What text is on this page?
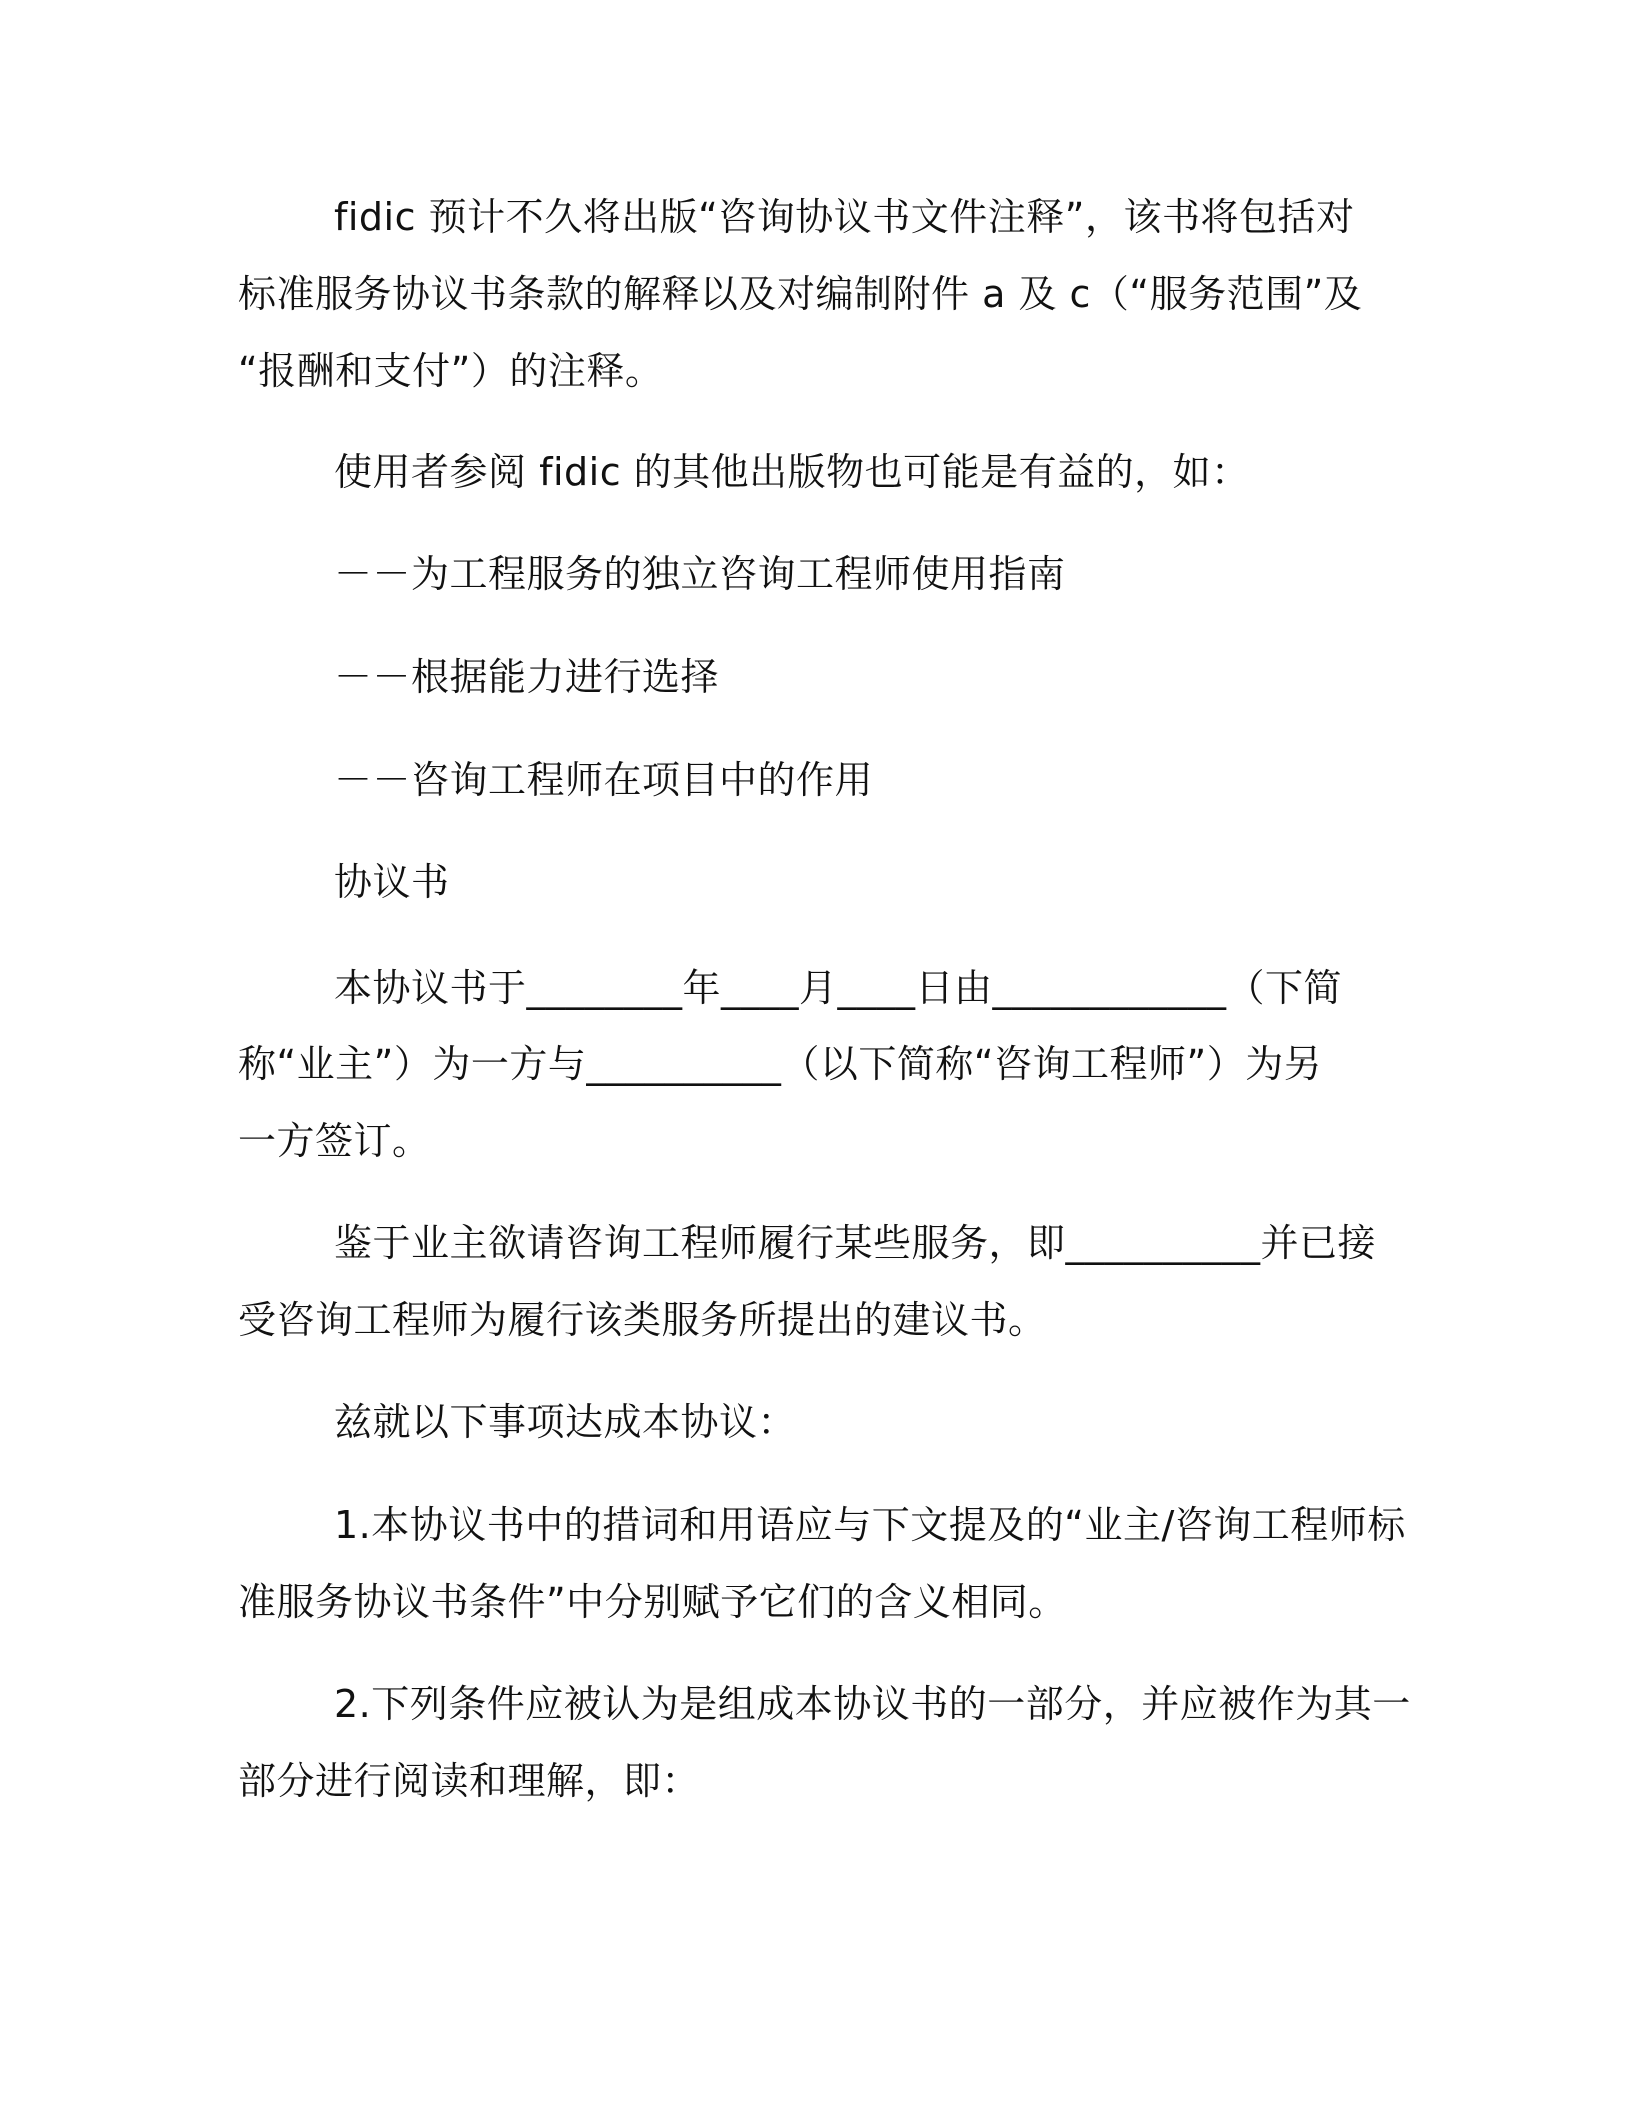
fidic 预计不久将出版“咨询协议书文件注释”，该书将包括对
标准服务协议书条款的解释以及对编制附件 a 及 c（“服务范围”及
“报酬和支付”）的注释。
使用者参阅 fidic 的其他出版物也可能是有益的，如：
－－为工程服务的独立咨询工程师使用指南
－－根据能力进行选择
－－咨询工程师在项目中的作用
协议书
本协议书于________年____月____日由____________（下简
称“业主”）为一方与__________（以下简称“咨询工程师”）为另
一方签订。
鉴于业主欲请咨询工程师履行某些服务，即__________并已接
受咨询工程师为履行该类服务所提出的建议书。
兹就以下事项达成本协议：
1.本协议书中的措词和用语应与下文提及的“业主/咨询工程师标
准服务协议书条件”中分别赋予它们的含义相同。
2.下列条件应被认为是组成本协议书的一部分，并应被作为其一
部分进行阅读和理解，即：
